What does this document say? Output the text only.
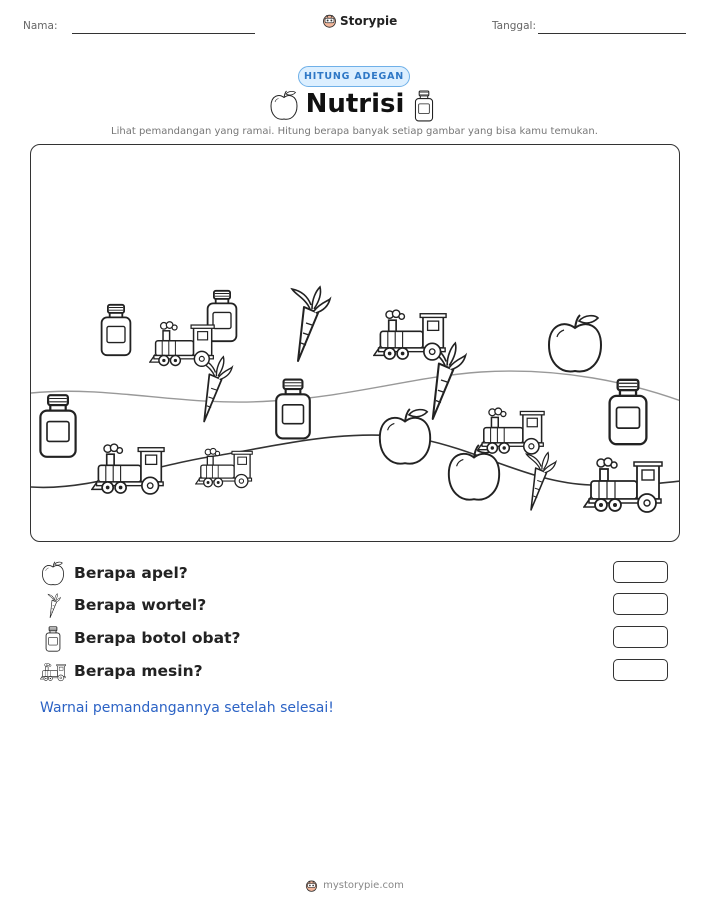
Nama:	Storypie	Tanggal:
HITUNG ADEGAN
Nutrisi
Lihat pemandangan yang ramai. Hitung berapa banyak setiap gambar yang bisa kamu temukan.
Berapa apel?
Berapa wortel?
Berapa botol obat?
Berapa mesin?
Warnai pemandangannya setelah selesai!
mystorypie.com
